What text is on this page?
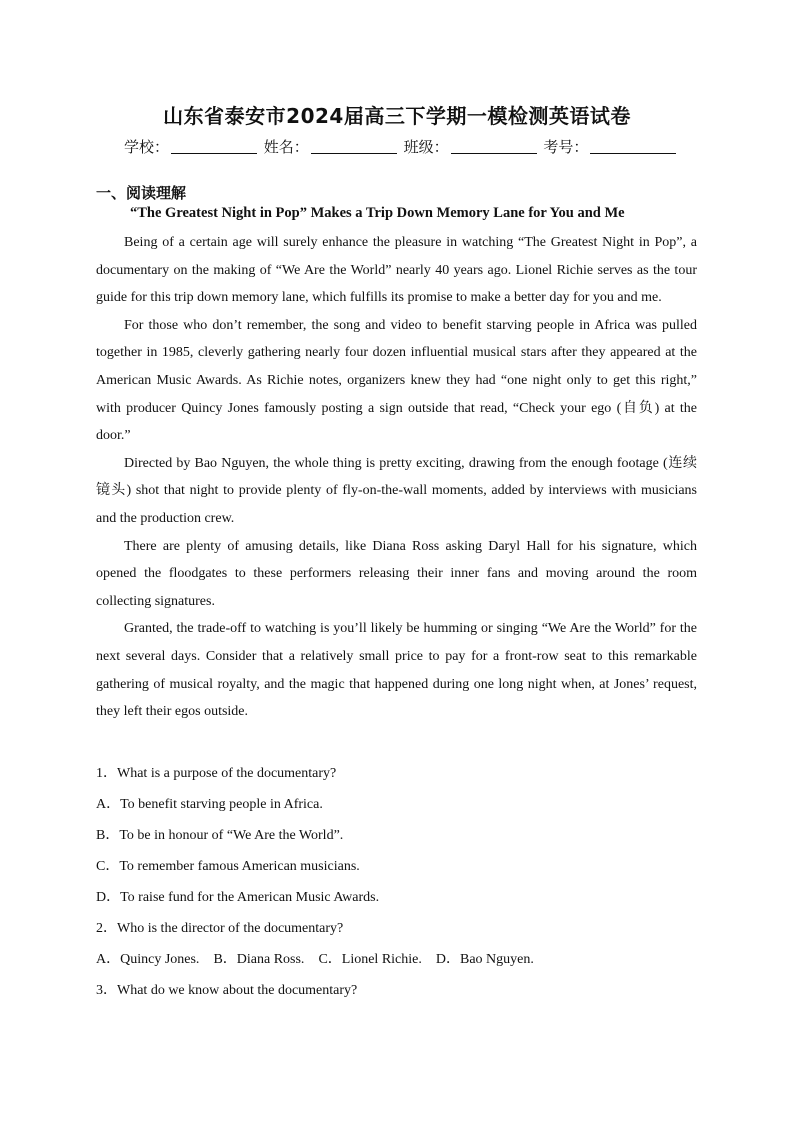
山东省泰安市2024届高三下学期一模检测英语试卷
学校：	姓名：	班级：	考号：
一、阅读理解
“The Greatest Night in Pop” Makes a Trip Down Memory Lane for You and Me

Being of a certain age will surely enhance the pleasure in watching “The Greatest Night in Pop”, a documentary on the making of “We Are the World” nearly 40 years ago. Lionel Richie serves as the tour guide for this trip down memory lane, which fulfills its promise to make a better day for you and me.

For those who don’t remember, the song and video to benefit starving people in Africa was pulled together in 1985, cleverly gathering nearly four dozen influential musical stars after they appeared at the American Music Awards. As Richie notes, organizers knew they had “one night only to get this right,” with producer Quincy Jones famously posting a sign outside that read, “Check your ego (自负) at the door.”

Directed by Bao Nguyen, the whole thing is pretty exciting, drawing from the enough footage (连续镜头) shot that night to provide plenty of fly-on-the-wall moments, added by interviews with musicians and the production crew.

There are plenty of amusing details, like Diana Ross asking Daryl Hall for his signature, which opened the floodgates to these performers releasing their inner fans and moving around the room collecting signatures.

Granted, the trade-off to watching is you’ll likely be humming or singing “We Are the World” for the next several days. Consider that a relatively small price to pay for a front-row seat to this remarkable gathering of musical royalty, and the magic that happened during one long night when, at Jones’ request, they left their egos outside.

1．What is a purpose of the documentary?
A．To benefit starving people in Africa.
B．To be in honour of “We Are the World”.
C．To remember famous American musicians.
D．To raise fund for the American Music Awards.
2．Who is the director of the documentary?
A．Quincy Jones. B．Diana Ross. C．Lionel Richie. D．Bao Nguyen.
3．What do we know about the documentary?
